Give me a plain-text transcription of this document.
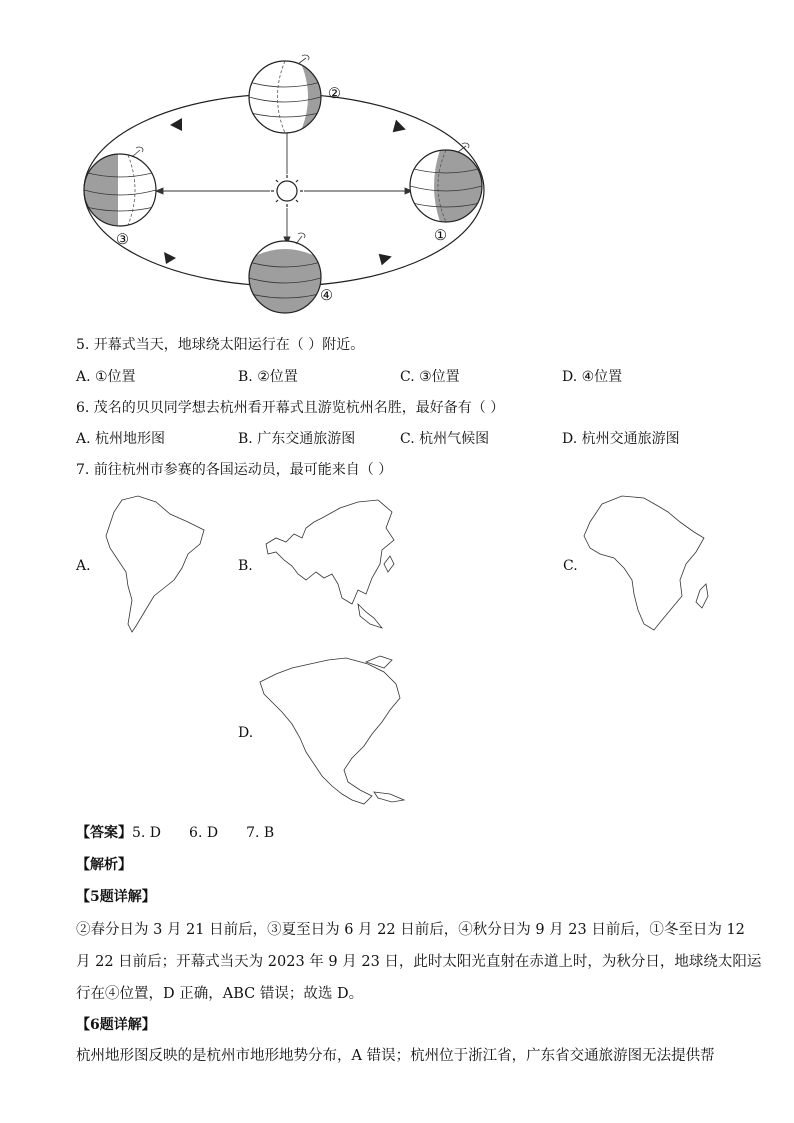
②
③	①
④
5. 开幕式当天，地球绕太阳运行在（ ）附近。
A. ①位置	B. ②位置	C. ③位置	D. ④位置
6. 茂名的贝贝同学想去杭州看开幕式且游览杭州名胜，最好备有（ ）
A. 杭州地形图	B. 广东交通旅游图	C. 杭州气候图	D. 杭州交通旅游图
7. 前往杭州市参赛的各国运动员，最可能来自（ ）
A.	B.	C.
D.
【答案】5. D 6. D 7. B
【解析】
【5题详解】
②春分日为 3 月 21 日前后，③夏至日为 6 月 22 日前后，④秋分日为 9 月 23 日前后，①冬至日为 12
月 22 日前后；开幕式当天为 2023 年 9 月 23 日，此时太阳光直射在赤道上时，为秋分日，地球绕太阳运
行在④位置，D 正确，ABC 错误；故选 D。
【6题详解】
杭州地形图反映的是杭州市地形地势分布，A 错误；杭州位于浙江省，广东省交通旅游图无法提供帮
